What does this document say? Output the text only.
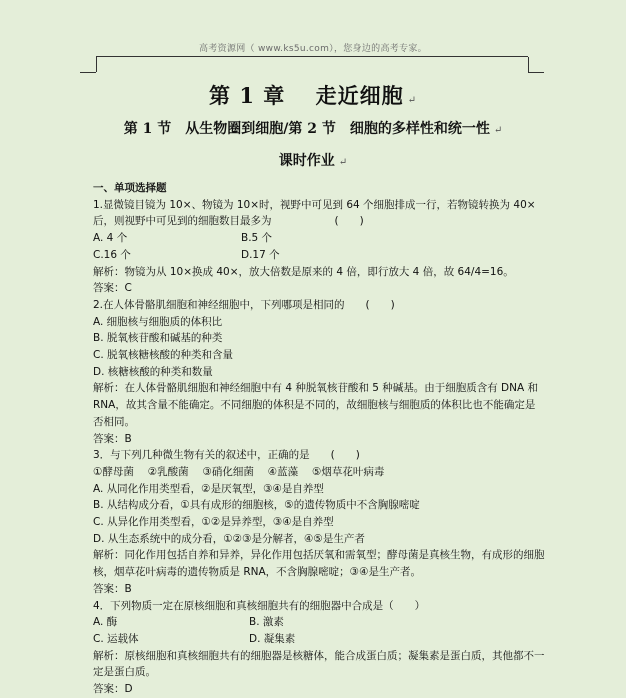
高考资源网（ www.ks5u.com），您身边的高考专家。
第 1 章　 走近细胞 ↵
第 1 节　从生物圈到细胞/第 2 节　细胞的多样性和统一性 ↵
课时作业 ↵
一、单项选择题
1.显微镜目镜为 10×、物镜为 10×时，视野中可见到 64 个细胞排成一行，若物镜转换为 40×后，则视野中可见到的细胞数目最多为　　　　　　(　　)
A. 4 个	B.5 个
C.16 个	D.17 个
解析：物镜为从 10×换成 40×，放大倍数是原来的 4 倍，即行放大 4 倍，故 64/4=16。
答案：C
2.在人体骨骼肌细胞和神经细胞中，下列哪项是相同的　　(　　)
A. 细胞核与细胞质的体积比
B. 脱氧核苷酸和碱基的种类
C. 脱氧核糖核酸的种类和含量
D. 核糖核酸的种类和数量
解析：在人体骨骼肌细胞和神经细胞中有 4 种脱氧核苷酸和 5 种碱基。由于细胞质含有 DNA 和 RNA，故其含量不能确定。不同细胞的体积是不同的，故细胞核与细胞质的体积比也不能确定是否相同。
答案：B
3．与下列几种微生物有关的叙述中，正确的是　　(　　)
①酵母菌　 ②乳酸菌　 ③硝化细菌　 ④蓝藻　 ⑤烟草花叶病毒
A. 从同化作用类型看，②是厌氧型，③④是自养型
B. 从结构成分看，①具有成形的细胞核，⑤的遗传物质中不含胸腺嘧啶
C. 从异化作用类型看，①②是异养型，③④是自养型
D. 从生态系统中的成分看，①②③是分解者，④⑤是生产者
解析：同化作用包括自养和异养，异化作用包括厌氧和需氧型；酵母菌是真核生物，有成形的细胞核，烟草花叶病毒的遗传物质是 RNA，不含胸腺嘧啶；③④是生产者。
答案：B
4．下列物质一定在原核细胞和真核细胞共有的细胞器中合成是（　　）
A. 酶	B. 激素
C. 运载体	D. 凝集素
解析：原核细胞和真核细胞共有的细胞器是核糖体，能合成蛋白质；凝集素是蛋白质，其他都不一定是蛋白质。
答案：D
